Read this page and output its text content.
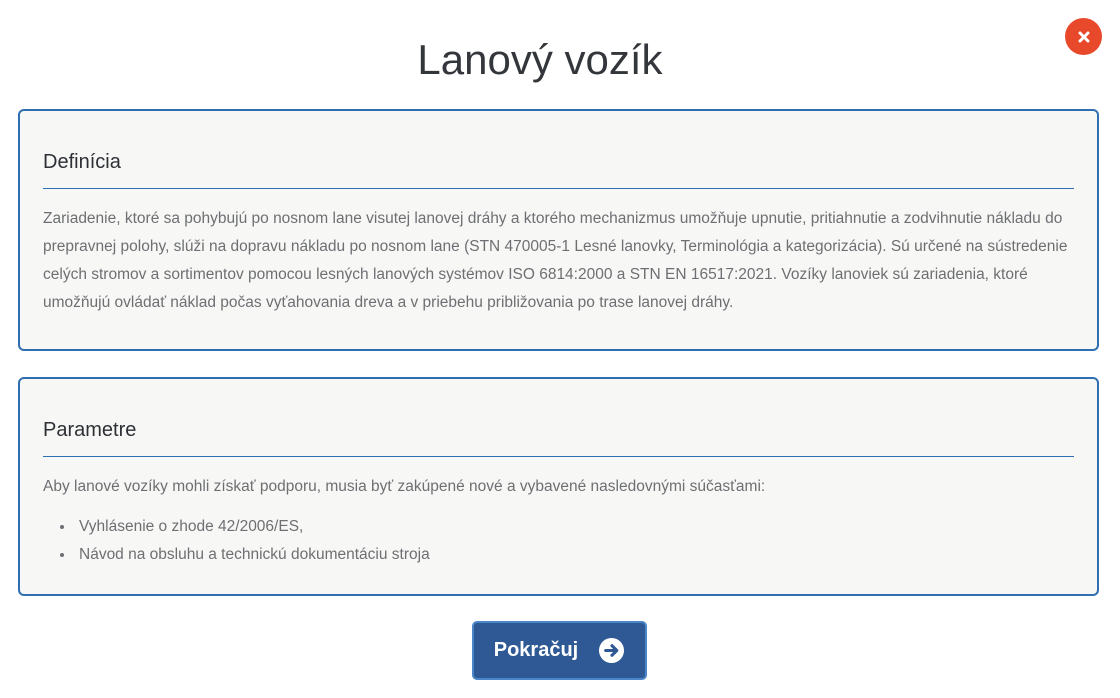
Lanový vozík
Definícia

Zariadenie, ktoré sa pohybujú po nosnom lane visutej lanovej dráhy a ktorého mechanizmus umožňuje upnutie, pritiahnutie a zodvihnutie nákladu do prepravnej polohy, slúži na dopravu nákladu po nosnom lane (STN 470005-1 Lesné lanovky, Terminológia a kategorizácia). Sú určené na sústredenie celých stromov a sortimentov pomocou lesných lanových systémov ISO 6814:2000 a STN EN 16517:2021. Vozíky lanoviek sú zariadenia, ktoré umožňujú ovládať náklad počas vyťahovania dreva a v priebehu približovania po trase lanovej dráhy.

Parametre

Aby lanové vozíky mohli získať podporu, musia byť zakúpené nové a vybavené nasledovnými súčasťami:

• Vyhlásenie o zhode 42/2006/ES,
• Návod na obsluhu a technickú dokumentáciu stroja
Pokračuj
